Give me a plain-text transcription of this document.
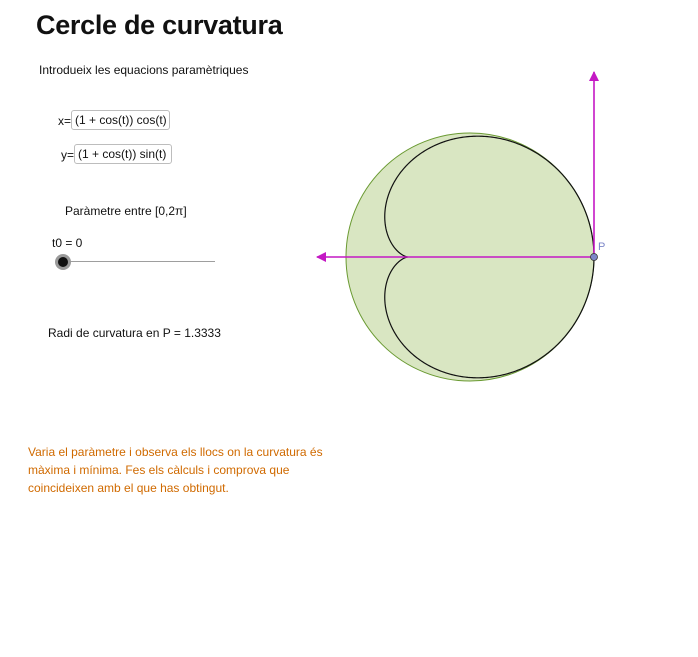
Cercle de curvatura
Introdueix les equacions paramètriques
x=
(1 + cos(t)) cos(t)
y=
(1 + cos(t)) sin(t)
Paràmetre entre [0,2π]
t0 = 0
Radi de curvatura en P = 1.3333
Varia el paràmetre i observa els llocs on la curvatura és màxima i mínima. Fes els càlculs i comprova que coincideixen amb el que has obtingut.
P
